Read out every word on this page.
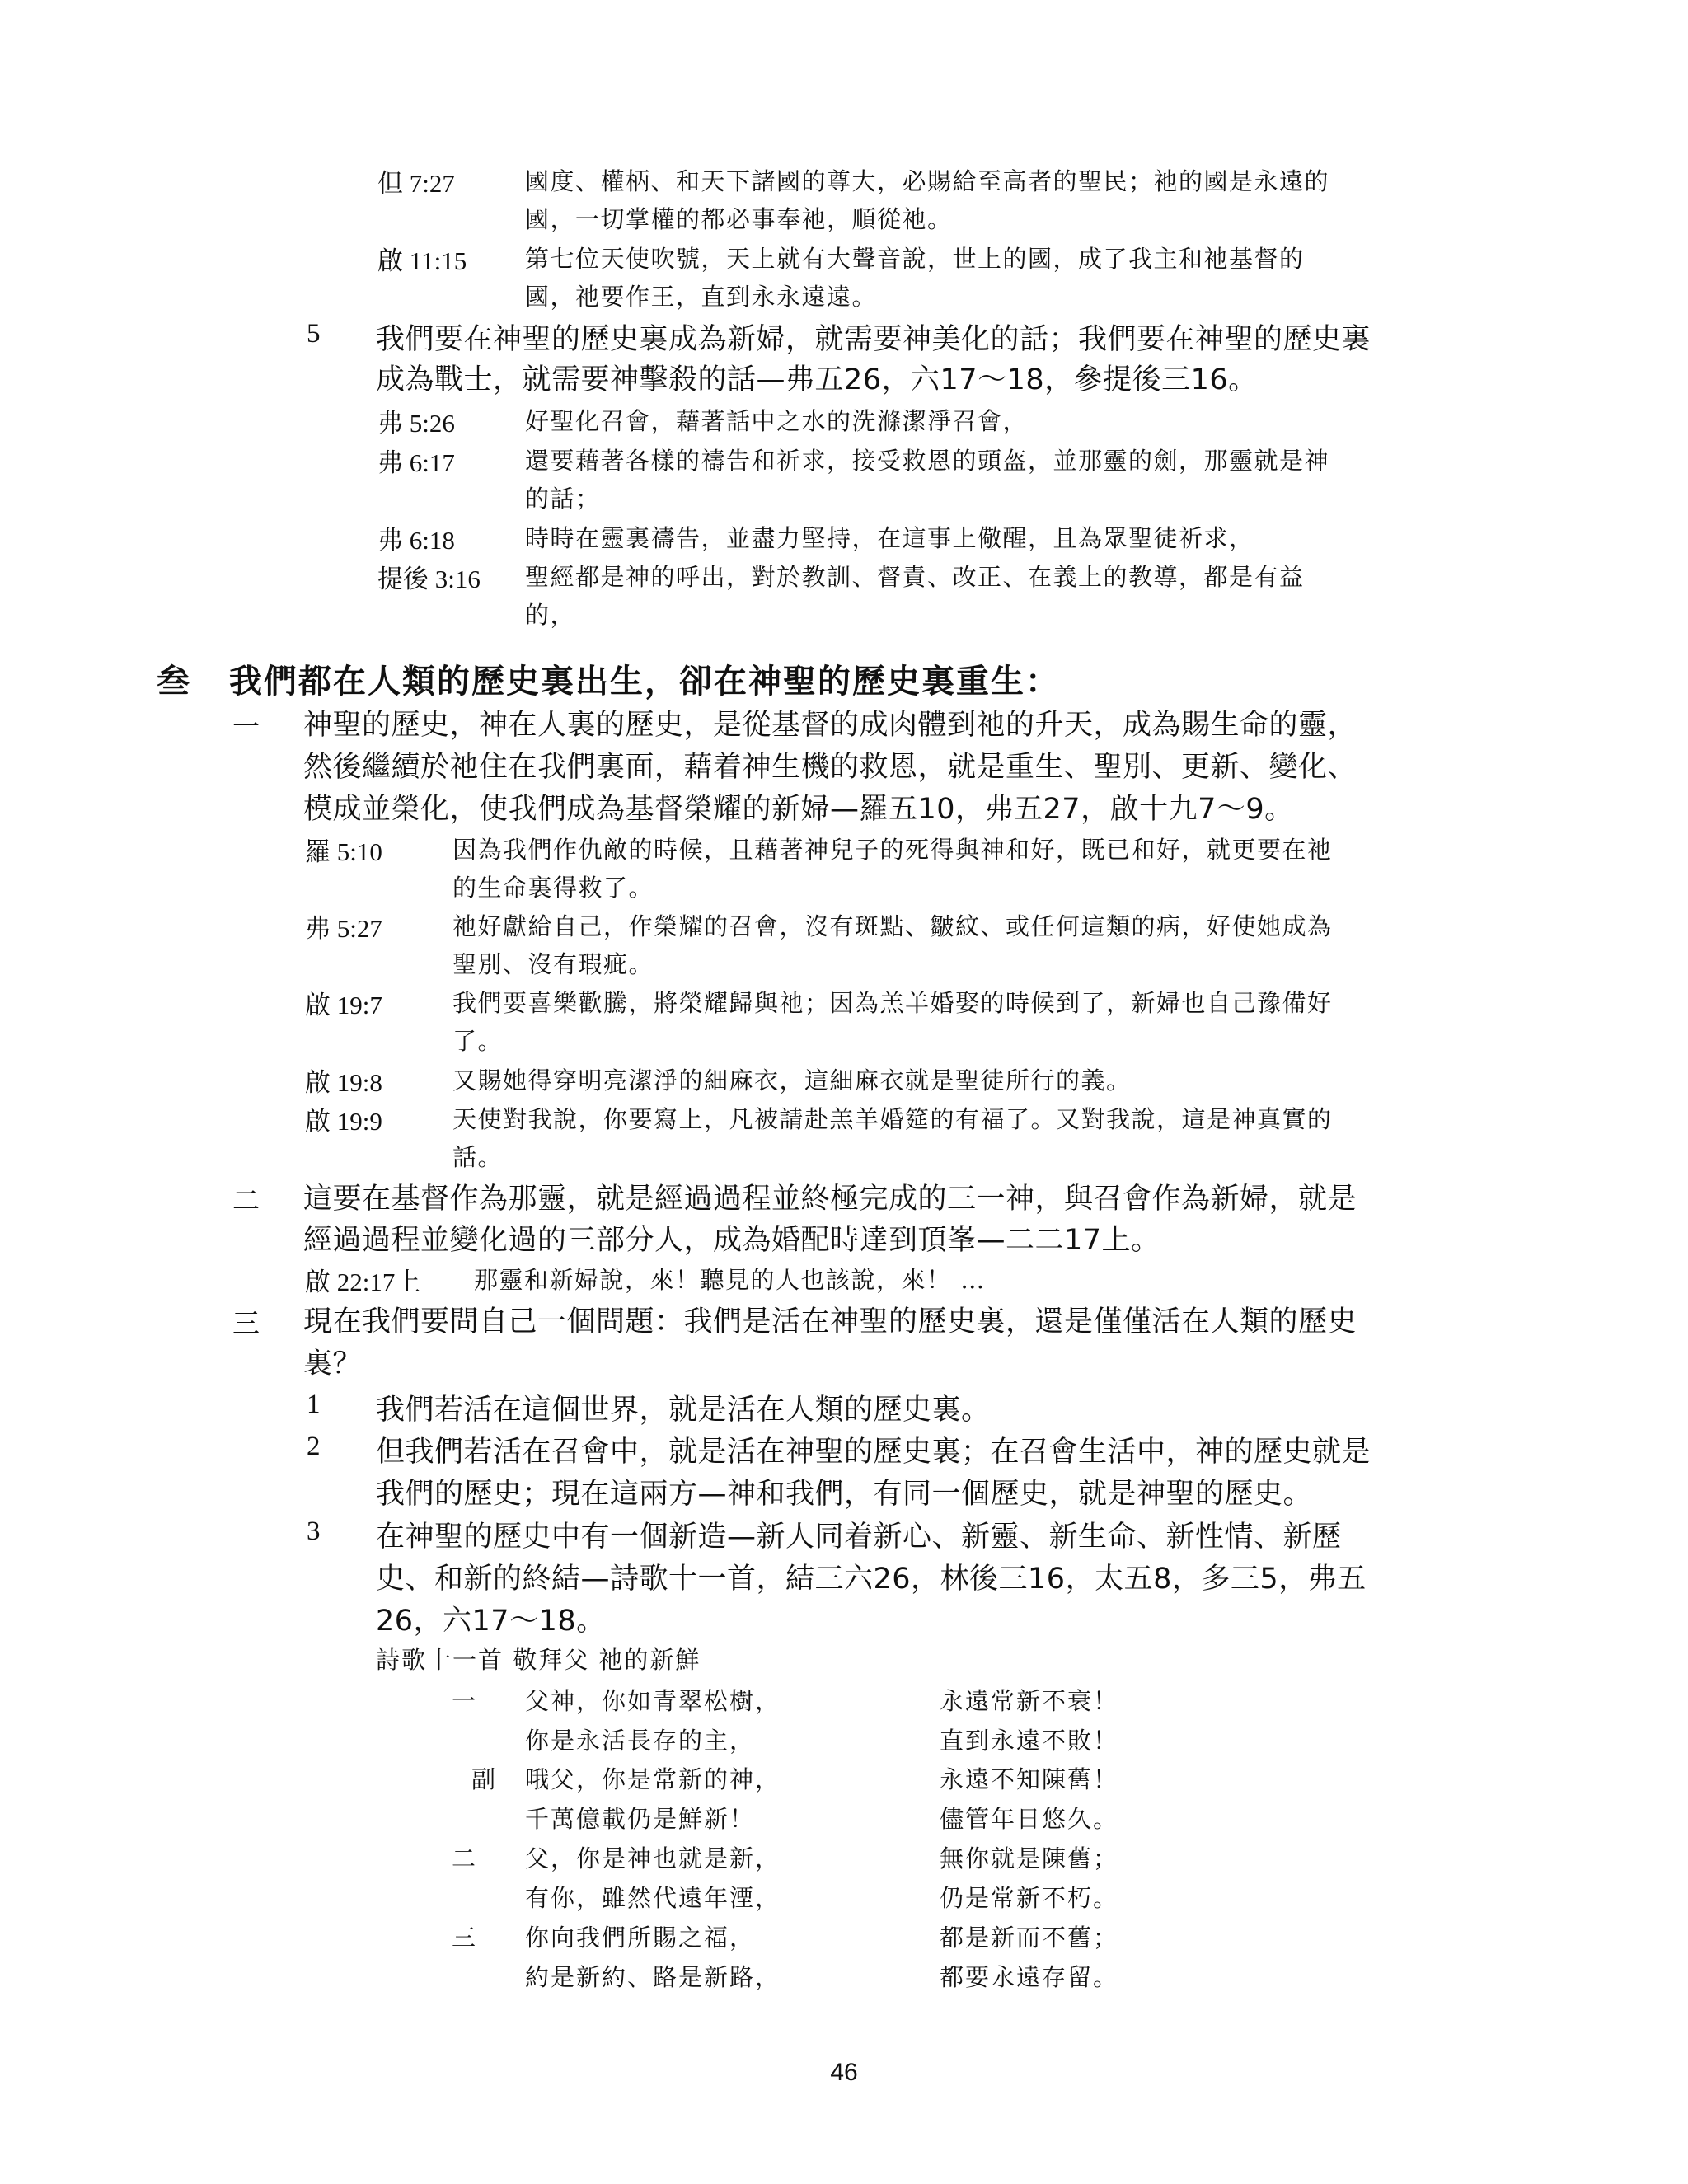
但 7:27	國度、權柄、和天下諸國的尊大，必賜給至高者的聖民；祂的國是永遠的
國，一切掌權的都必事奉祂，順從祂。
啟 11:15 第七位天使吹號，天上就有大聲音說，世上的國，成了我主和祂基督的
國，祂要作王，直到永永遠遠。
5 我們要在神聖的歷史裏成為新婦，就需要神美化的話；我們要在神聖的歷史裏
成為戰士，就需要神擊殺的話—弗五26，六17～18，參提後三16。
弗 5:26	好聖化召會，藉著話中之水的洗滌潔淨召會，
弗 6:17	還要藉著各樣的禱告和祈求，接受救恩的頭盔，並那靈的劍，那靈就是神
的話；
弗 6:18	時時在靈裏禱告，並盡力堅持，在這事上儆醒，且為眾聖徒祈求，
提後 3:16 聖經都是神的呼出，對於教訓、督責、改正、在義上的教導，都是有益
的，
叁 我們都在人類的歷史裏出生，卻在神聖的歷史裏重生：
一 神聖的歷史，神在人裏的歷史，是從基督的成肉體到祂的升天，成為賜生命的靈，
然後繼續於祂住在我們裏面，藉着神生機的救恩，就是重生、聖別、更新、變化、
模成並榮化，使我們成為基督榮耀的新婦—羅五10，弗五27，啟十九7～9。
羅 5:10	因為我們作仇敵的時候，且藉著神兒子的死得與神和好，既已和好，就更要在祂
的生命裏得救了。
弗 5:27	祂好獻給自己，作榮耀的召會，沒有斑點、皺紋、或任何這類的病，好使她成為
聖別、沒有瑕疵。
啟 19:7	我們要喜樂歡騰，將榮耀歸與祂；因為羔羊婚娶的時候到了，新婦也自己豫備好
了。
啟 19:8	又賜她得穿明亮潔淨的細麻衣，這細麻衣就是聖徒所行的義。
啟 19:9	天使對我說，你要寫上，凡被請赴羔羊婚筵的有福了。又對我說，這是神真實的
話。
二 這要在基督作為那靈，就是經過過程並終極完成的三一神，與召會作為新婦，就是
經過過程並變化過的三部分人，成為婚配時達到頂峯—二二17上。
啟 22:17上 那靈和新婦說，來！聽見的人也該說，來！ …
三 現在我們要問自己一個問題：我們是活在神聖的歷史裏，還是僅僅活在人類的歷史
裏？
1 我們若活在這個世界，就是活在人類的歷史裏。
2 但我們若活在召會中，就是活在神聖的歷史裏；在召會生活中，神的歷史就是
我們的歷史；現在這兩方—神和我們，有同一個歷史，就是神聖的歷史。
3 在神聖的歷史中有一個新造—新人同着新心、新靈、新生命、新性情、新歷
史、和新的終結—詩歌十一首，結三六26，林後三16，太五8，多三5，弗五
26，六17～18。
詩歌十一首 敬拜父 祂的新鮮
一 父神，你如青翠松樹，	永遠常新不衰！
你是永活長存的主，	直到永遠不敗！
副 哦父，你是常新的神，	永遠不知陳舊！
千萬億載仍是鮮新！	儘管年日悠久。
二 父，你是神也就是新，	無你就是陳舊；
有你，雖然代遠年湮，	仍是常新不朽。
三 你向我們所賜之福，	都是新而不舊；
約是新約、路是新路，	都要永遠存留。
46
